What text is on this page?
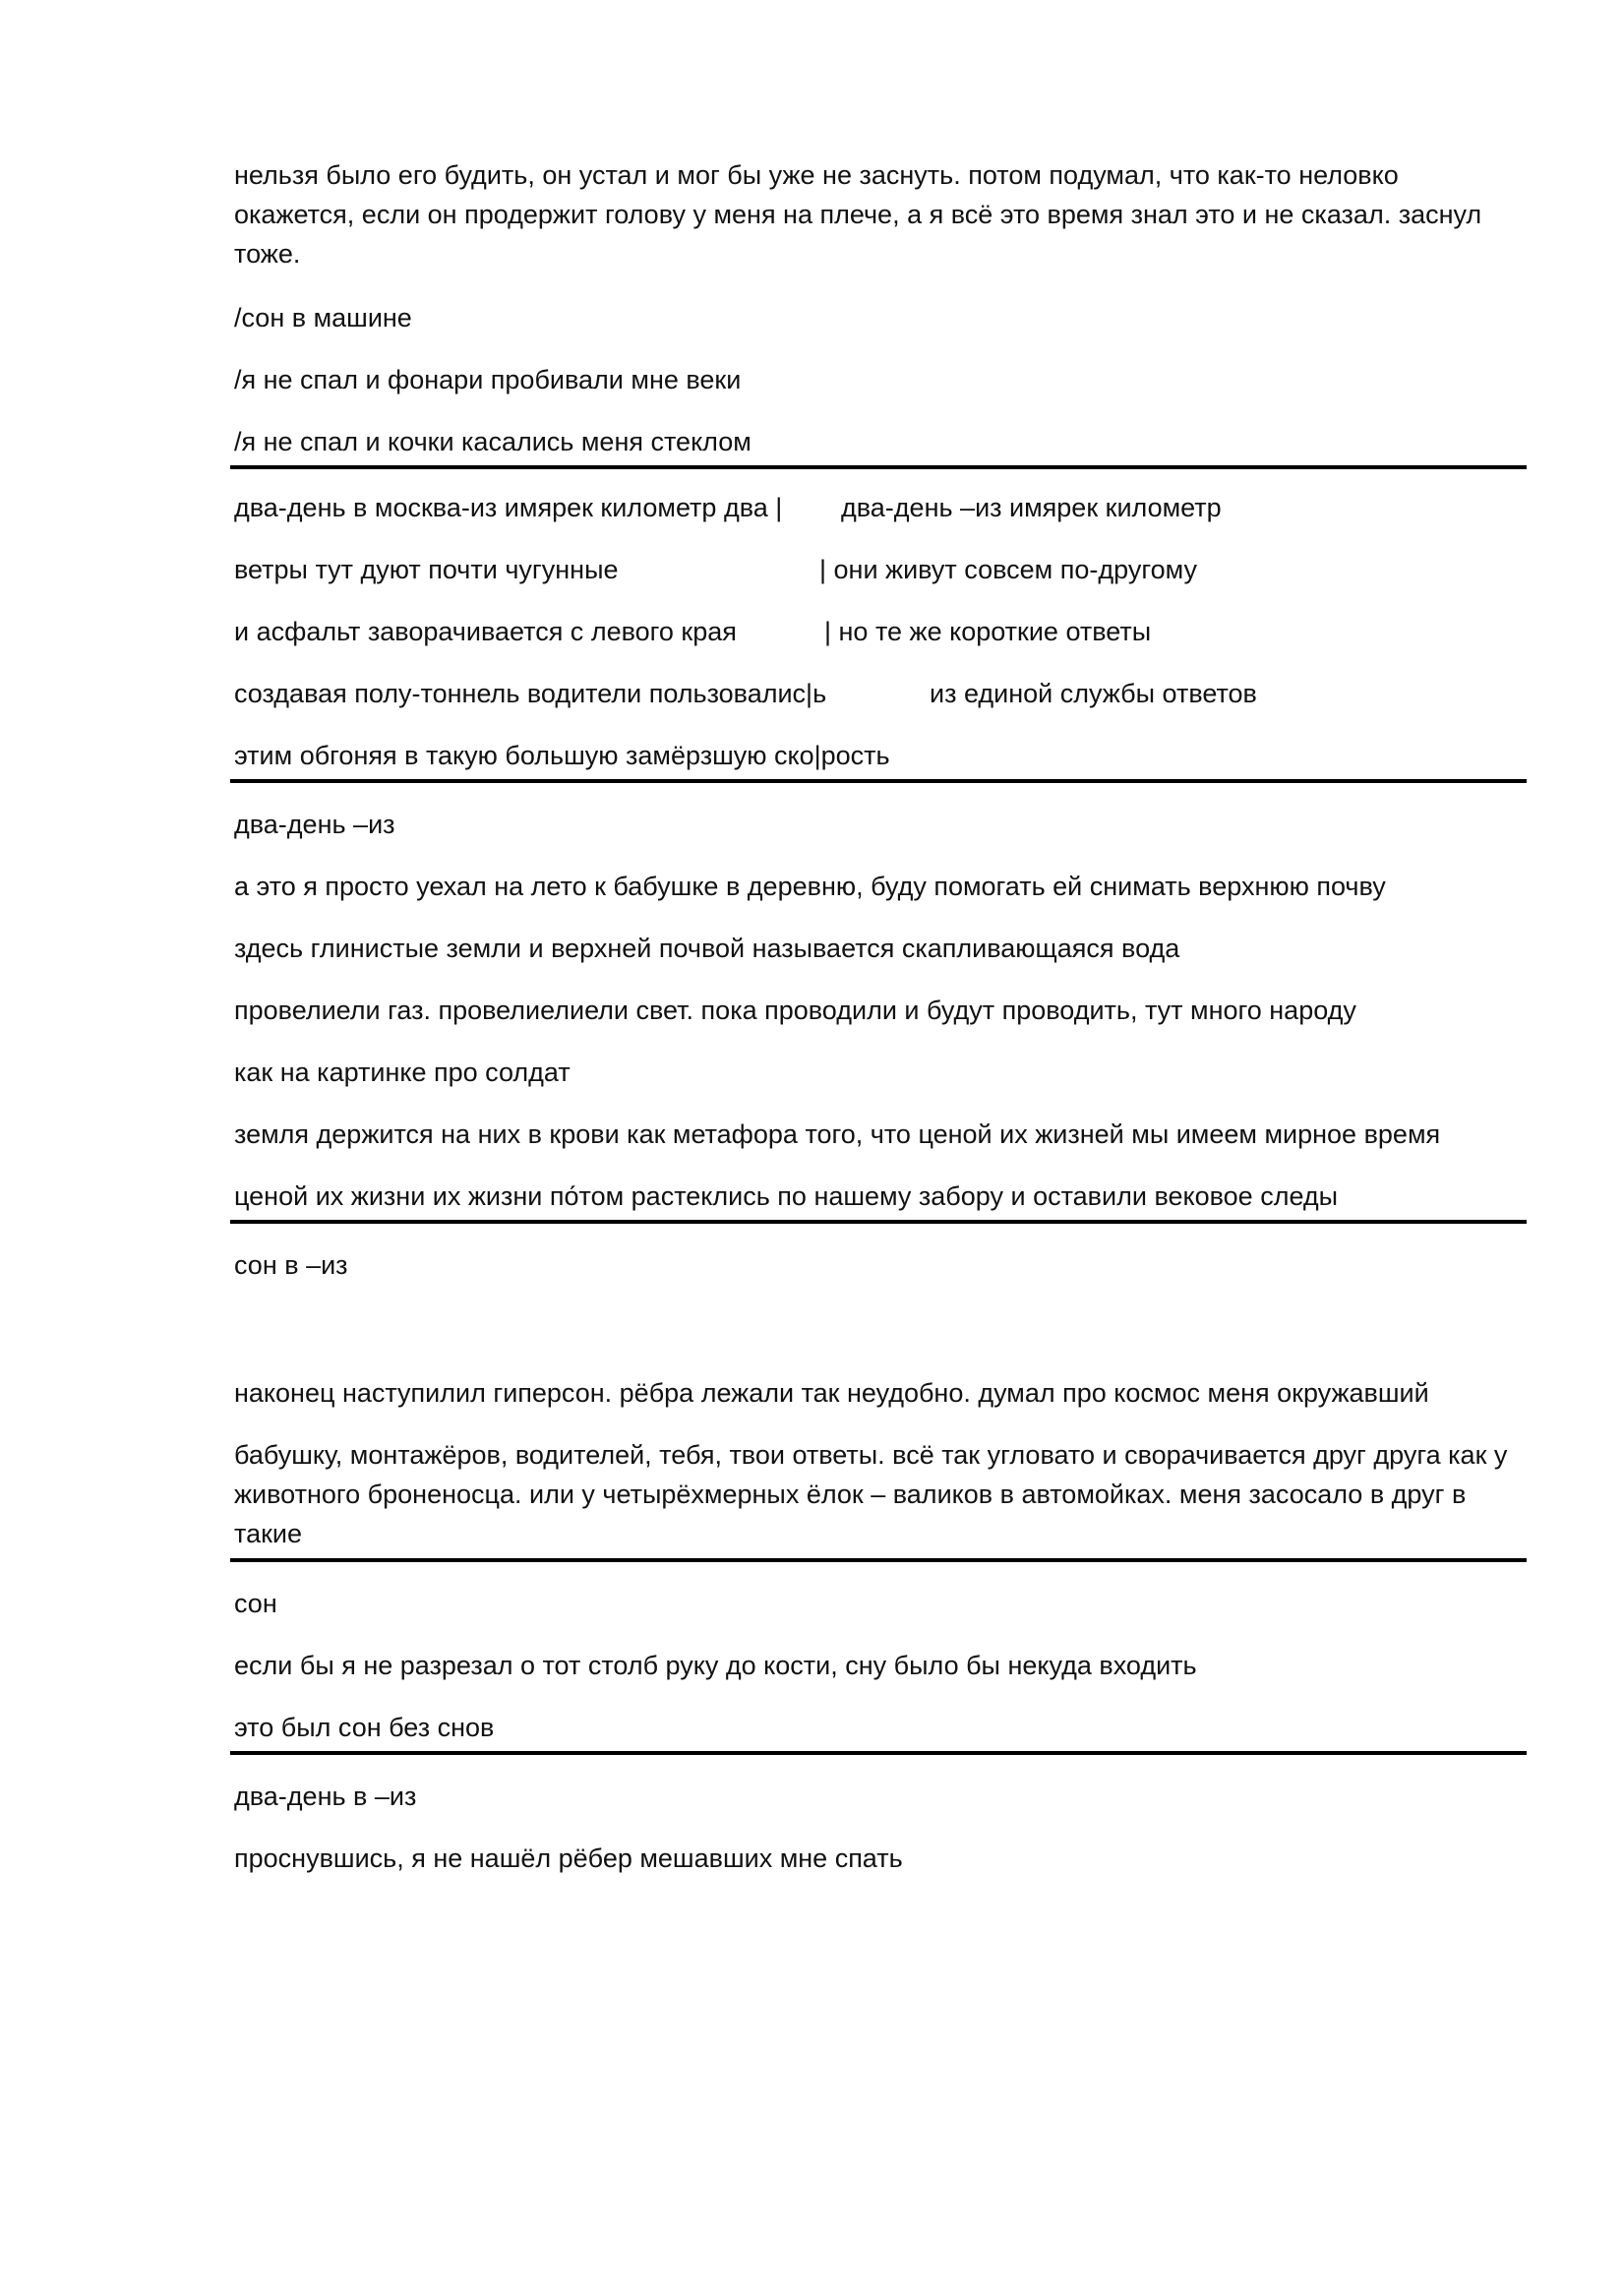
нельзя было его будить, он устал и мог бы уже не заснуть. потом подумал, что как-то неловко окажется, если он продержит голову у меня на плече, а я всё это время знал это и не сказал. заснул тоже.

/сон в машине

/я не спал и фонари пробивали мне веки

/я не спал и кочки касались меня стеклом

два-день в москва-из имярек километр два | два-день –из имярек километр
ветры тут дуют почти чугунные	| они живут совсем по-другому
и асфальт заворачивается с левого края	| но те же короткие ответы
создавая полу-тоннель водители пользовалис|ь	из единой службы ответов

этим обгоняя в такую большую замёрзшую ско|рость

два-день –из

а это я просто уехал на лето к бабушке в деревню, буду помогать ей снимать верхнюю почву

здесь глинистые земли и верхней почвой называется скапливающаяся вода

провелиели газ. провелиелиели свет. пока проводили и будут проводить, тут много народу

как на картинке про солдат

земля держится на них в крови как метафора того, что ценой их жизней мы имеем мирное время

ценой их жизни их жизни по́том растеклись по нашему забору и оставили вековое следы

сон в –из

наконец наступилил гиперсон. рёбра лежали так неудобно. думал про космос меня окружавший

бабушку, монтажёров, водителей, тебя, твои ответы. всё так угловато и сворачивается друг друга как у животного броненосца. или у четырёхмерных ёлок – валиков в автомойках. меня засосало в друг в такие

сон

если бы я не разрезал о тот столб руку до кости, сну было бы некуда входить

это был сон без снов

два-день в –из

проснувшись, я не нашёл рёбер мешавших мне спать
